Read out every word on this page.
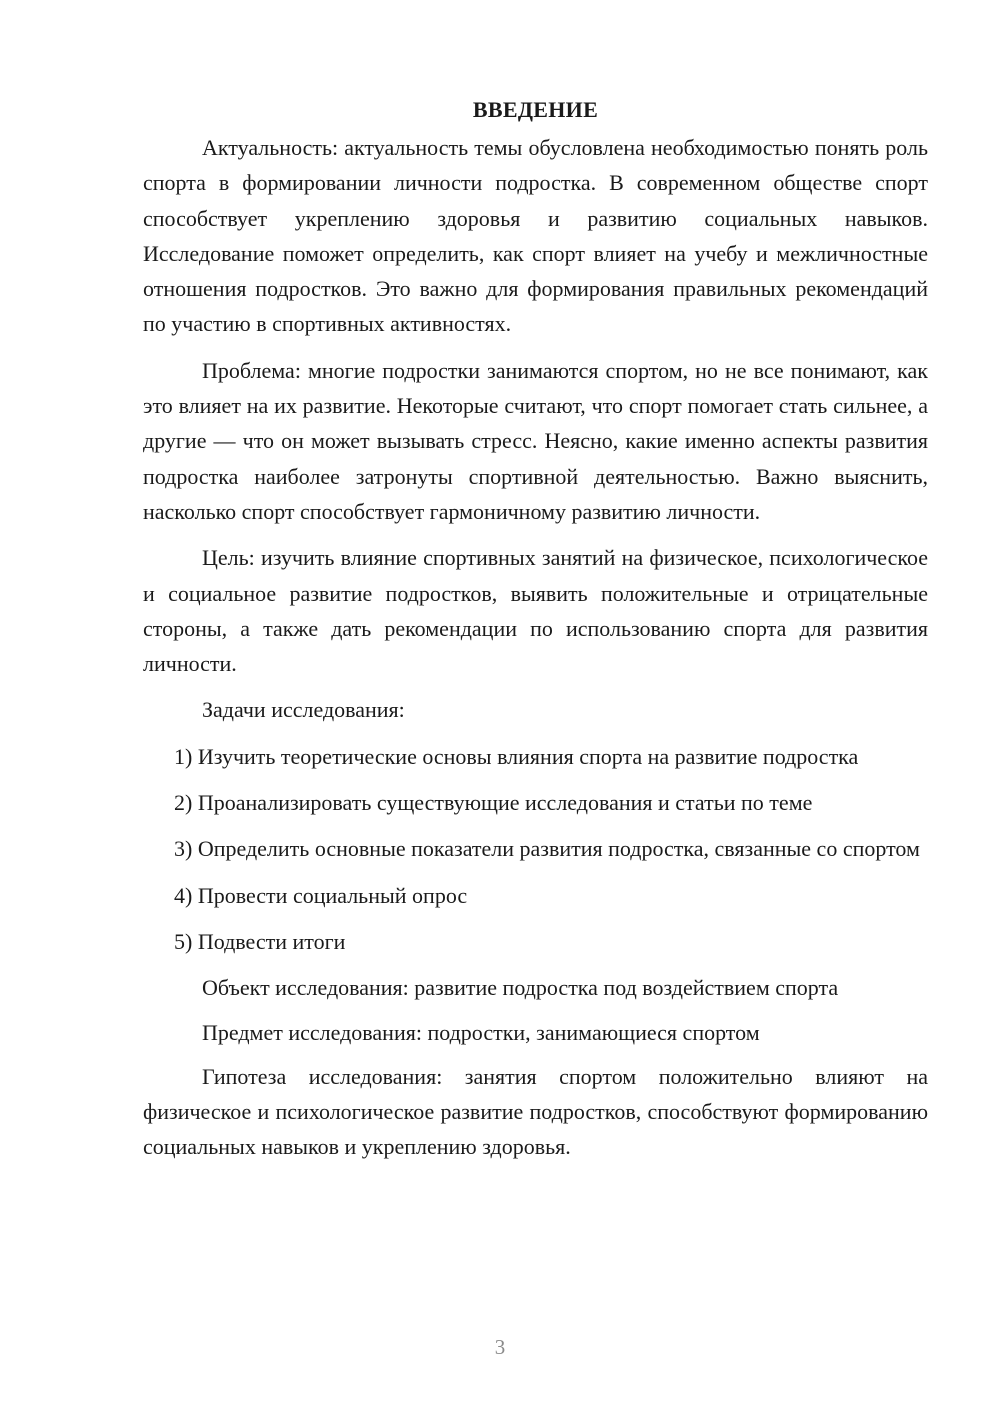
ВВЕДЕНИЕ

Актуальность: актуальность темы обусловлена необходимостью понять роль спорта в формировании личности подростка. В современном обществе спорт способствует укреплению здоровья и развитию социальных навыков. Исследование поможет определить, как спорт влияет на учебу и межличностные отношения подростков. Это важно для формирования правильных рекомендаций по участию в спортивных активностях.

Проблема: многие подростки занимаются спортом, но не все понимают, как это влияет на их развитие. Некоторые считают, что спорт помогает стать сильнее, а другие — что он может вызывать стресс. Неясно, какие именно аспекты развития подростка наиболее затронуты спортивной деятельностью. Важно выяснить, насколько спорт способствует гармоничному развитию личности.

Цель: изучить влияние спортивных занятий на физическое, психологическое и социальное развитие подростков, выявить положительные и отрицательные стороны, а также дать рекомендации по использованию спорта для развития личности.

Задачи исследования:

1) Изучить теоретические основы влияния спорта на развитие подростка

2) Проанализировать существующие исследования и статьи по теме

3) Определить основные показатели развития подростка, связанные со спортом

4) Провести социальный опрос

5) Подвести итоги

Объект исследования: развитие подростка под воздействием спорта

Предмет исследования: подростки, занимающиеся спортом

Гипотеза исследования: занятия спортом положительно влияют на физическое и психологическое развитие подростков, способствуют формированию социальных навыков и укреплению здоровья.

3
